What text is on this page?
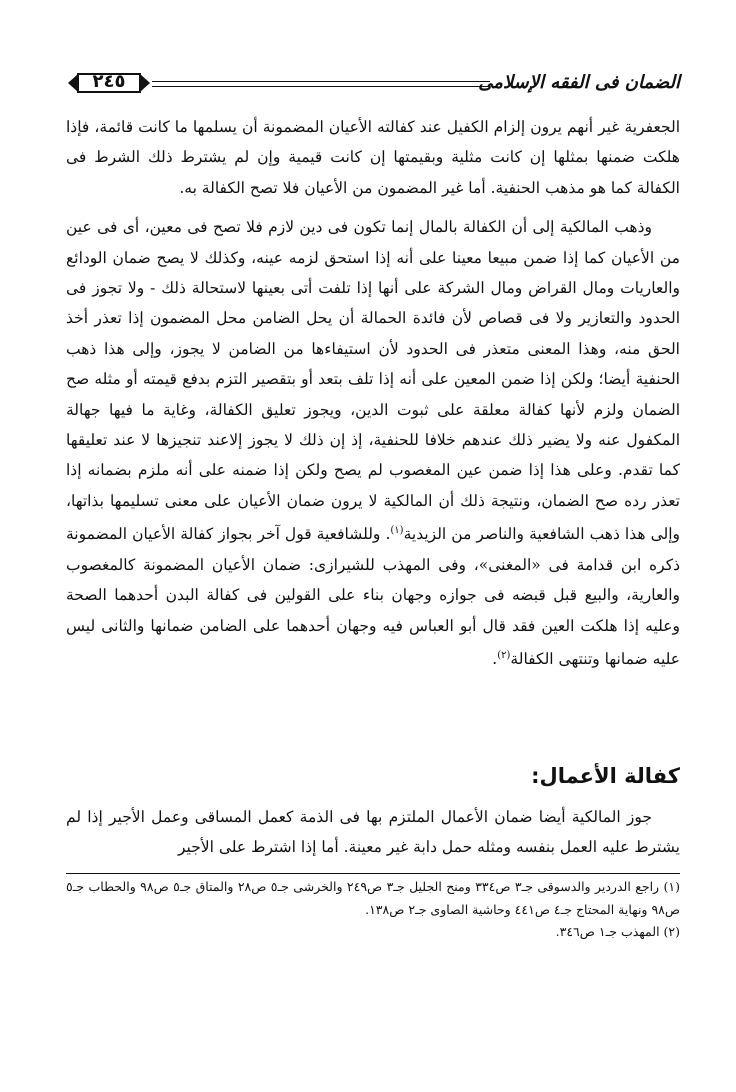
٢٤٥	الضمان فى الفقه الإسلامى

الجعفرية غير أنهم يرون إلزام الكفيل عند كفالته الأعيان المضمونة أن يسلمها ما كانت قائمة، فإذا هلكت ضمنها بمثلها إن كانت مثلية وبقيمتها إن كانت قيمية وإن لم يشترط ذلك الشرط فى الكفالة كما هو مذهب الحنفية. أما غير المضمون من الأعيان فلا تصح الكفالة به.

وذهب المالكية إلى أن الكفالة بالمال إنما تكون فى دين لازم فلا تصح فى معين، أى فى عين من الأعيان كما إذا ضمن مبيعا معينا على أنه إذا استحق لزمه عينه، وكذلك لا يصح ضمان الودائع والعاريات ومال القراض ومال الشركة على أنها إذا تلفت أتى بعينها لاستحالة ذلك - ولا تجوز فى الحدود والتعازير ولا فى قصاص لأن فائدة الحمالة أن يحل الضامن محل المضمون إذا تعذر أخذ الحق منه، وهذا المعنى متعذر فى الحدود لأن استيفاءها من الضامن لا يجوز، وإلى هذا ذهب الحنفية أيضا؛ ولكن إذا ضمن المعين على أنه إذا تلف بتعد أو بتقصير التزم بدفع قيمته أو مثله صح الضمان ولزم لأنها كفالة معلقة على ثبوت الدين، ويجوز تعليق الكفالة، وغاية ما فيها جهالة المكفول عنه ولا يضير ذلك عندهم خلافا للحنفية، إذ إن ذلك لا يجوز إلاعند تنجيزها لا عند تعليقها كما تقدم. وعلى هذا إذا ضمن عين المغصوب لم يصح ولكن إذا ضمنه على أنه ملزم بضمانه إذا تعذر رده صح الضمان، ونتيجة ذلك أن المالكية لا يرون ضمان الأعيان على معنى تسليمها بذاتها، وإلى هذا ذهب الشافعية والناصر من الزيدية$^{(١)}$. وللشافعية قول آخر بجواز كفالة الأعيان المضمونة ذكره ابن قدامة فى «المغنى»، وفى المهذب للشيرازى: ضمان الأعيان المضمونة كالمغصوب والعارية، والبيع قبل قبضه فى جوازه وجهان بناء على القولين فى كفالة البدن أحدهما الصحة وعليه إذا هلكت العين فقد قال أبو العباس فيه وجهان أحدهما على الضامن ضمانها والثانى ليس عليه ضمانها وتنتهى الكفالة$^{(٢)}$.

كفالة الأعمال:

جوز المالكية أيضا ضمان الأعمال الملتزم بها فى الذمة كعمل المساقى وعمل الأجير إذا لم يشترط عليه العمل بنفسه ومثله حمل دابة غير معينة. أما إذا اشترط على الأجير

(١) راجع الدردير والدسوقى جـ٣ ص٣٣٤ ومنح الجليل جـ٣ ص٢٤٩ والخرشى جـ٥ ص٢٨ والمتاق جـ٥ ص٩٨ والحطاب جـ٥ ص٩٨ ونهاية المحتاج جـ٤ ص٤٤١ وحاشية الصاوى جـ٢ ص١٣٨.

(٢) المهذب جـ١ ص٣٤٦.
